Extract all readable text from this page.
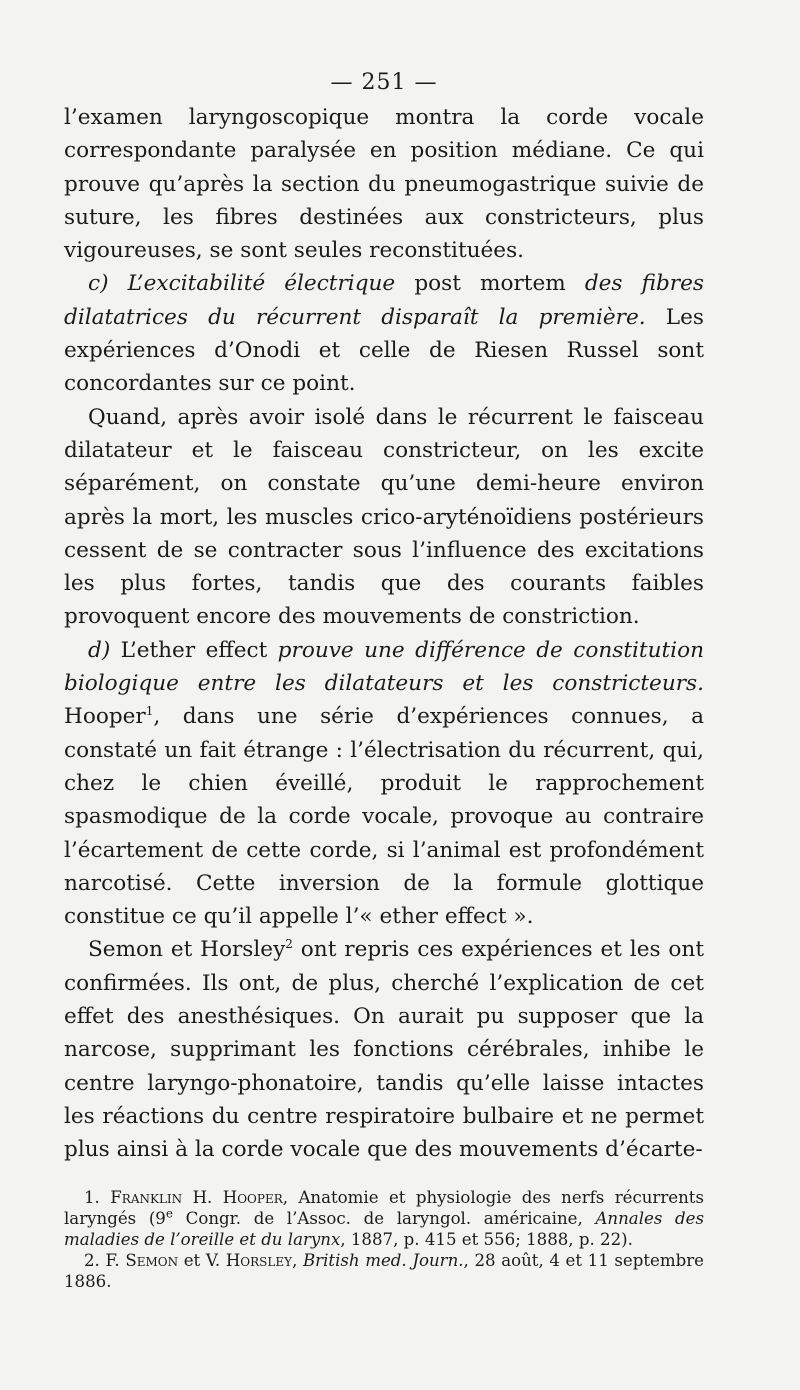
— 251 —

l’examen laryngoscopique montra la corde vocale correspondante paralysée en position médiane. Ce qui prouve qu’après la section du pneumogastrique suivie de suture, les fibres destinées aux constricteurs, plus vigoureuses, se sont seules reconstituées.

c) L’excitabilité électrique post mortem des fibres dilatatrices du récurrent disparaît la première. Les expériences d’Onodi et celle de Riesen Russel sont concordantes sur ce point.

Quand, après avoir isolé dans le récurrent le faisceau dilatateur et le faisceau constricteur, on les excite séparément, on constate qu’une demi-heure environ après la mort, les muscles crico-aryténoïdiens postérieurs cessent de se contracter sous l’influence des excitations les plus fortes, tandis que des courants faibles provoquent encore des mouvements de constriction.

d) L’ether effect prouve une différence de constitution biologique entre les dilatateurs et les constricteurs. Hooper$^1$, dans une série d’expériences connues, a constaté un fait étrange : l’électrisation du récurrent, qui, chez le chien éveillé, produit le rapprochement spasmodique de la corde vocale, provoque au contraire l’écartement de cette corde, si l’animal est profondément narcotisé. Cette inversion de la formule glottique constitue ce qu’il appelle l’« ether effect ».

Semon et Horsley$^2$ ont repris ces expériences et les ont confirmées. Ils ont, de plus, cherché l’explication de cet effet des anesthésiques. On aurait pu supposer que la narcose, supprimant les fonctions cérébrales, inhibe le centre laryngo-phonatoire, tandis qu’elle laisse intactes les réactions du centre respiratoire bulbaire et ne permet plus ainsi à la corde vocale que des mouvements d’écarte-

1. Franklin H. Hooper, Anatomie et physiologie des nerfs récurrents laryngés (9e Congr. de l’Assoc. de laryngol. américaine, Annales des maladies de l’oreille et du larynx, 1887, p. 415 et 556; 1888, p. 22).

2. F. Semon et V. Horsley, British med. Journ., 28 août, 4 et 11 septembre 1886.
